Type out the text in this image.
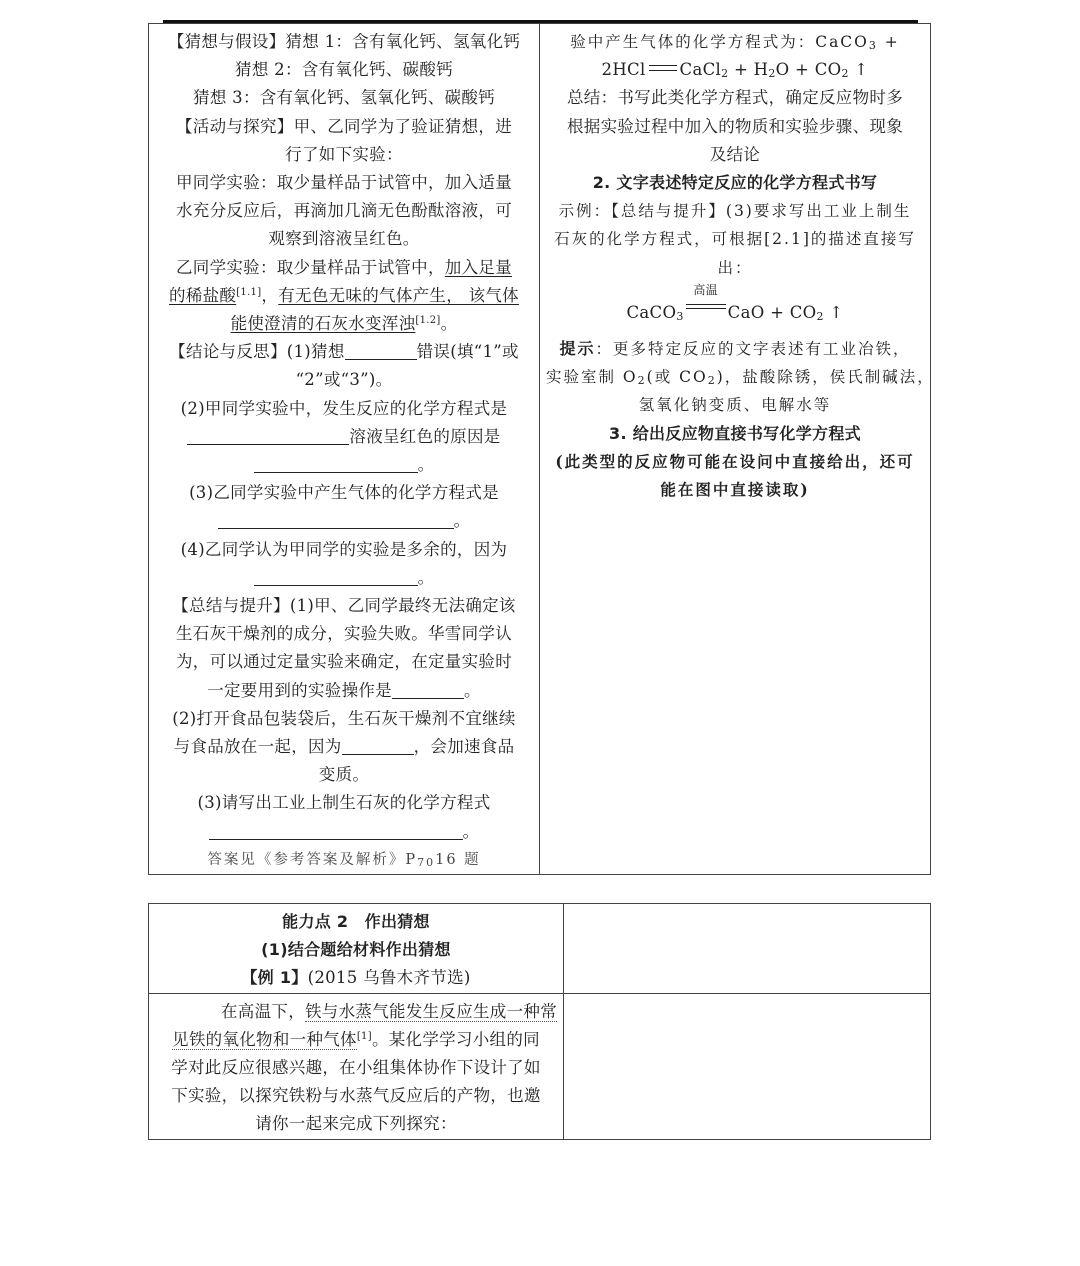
【猜想与假设】猜想 1：含有氧化钙、氢氧化钙
猜想 2：含有氧化钙、碳酸钙
猜想 3：含有氧化钙、氢氧化钙、碳酸钙
【活动与探究】甲、乙同学为了验证猜想，进
行了如下实验：
甲同学实验：取少量样品于试管中，加入适量
水充分反应后，再滴加几滴无色酚酞溶液，可
观察到溶液呈红色。
乙同学实验：取少量样品于试管中，加入足量
的稀盐酸[1.1]，有无色无味的气体产生， 该气体
能使澄清的石灰水变浑浊[1.2]。
【结论与反思】(1)猜想	错误(填“1”或
“2”或“3”)。
(2)甲同学实验中，发生反应的化学方程式是
溶液呈红色的原因是
。
(3)乙同学实验中产生气体的化学方程式是
。
(4)乙同学认为甲同学的实验是多余的，因为
。
【总结与提升】(1)甲、乙同学最终无法确定该
生石灰干燥剂的成分，实验失败。华雪同学认
为，可以通过定量实验来确定，在定量实验时
一定要用到的实验操作是	。
(2)打开食品包装袋后，生石灰干燥剂不宜继续
与食品放在一起，因为	，会加速食品
变质。
(3)请写出工业上制生石灰的化学方程式
。
答案见《参考答案及解析》$P_{70}16$ 题

验中产生气体的化学方程式为：CaCO$_3$ +
2HCl CaCl$_2$ + $H_2O + CO_2$ ↑
总结：书写此类化学方程式，确定反应物时多
根据实验过程中加入的物质和实验步骤、现象
及结论
2. 文字表述特定反应的化学方程式书写
示例：【总结与提升】(3)要求写出工业上制生
石灰的化学方程式，可根据[2.1]的描述直接写
出：
CaCO$_3$
高温
CaO + $CO_2$ ↑
提示：更多特定反应的文字表述有工业冶铁，
实验室制 $O_2$(或 $CO_2$)，盐酸除锈，侯氏制碱法，
氢氧化钠变质、电解水等
3. 给出反应物直接书写化学方程式
(此类型的反应物可能在设问中直接给出，还可
能在图中直接读取)
能力点 2　作出猜想
(1)结合题给材料作出猜想
【例 1】(2015 乌鲁木齐节选)	

在高温下，铁与水蒸气能发生反应生成一种常
见铁的氧化物和一种气体[1]。某化学学习小组的同
学对此反应很感兴趣，在小组集体协作下设计了如
下实验，以探究铁粉与水蒸气反应后的产物，也邀
请你一起来完成下列探究：	
